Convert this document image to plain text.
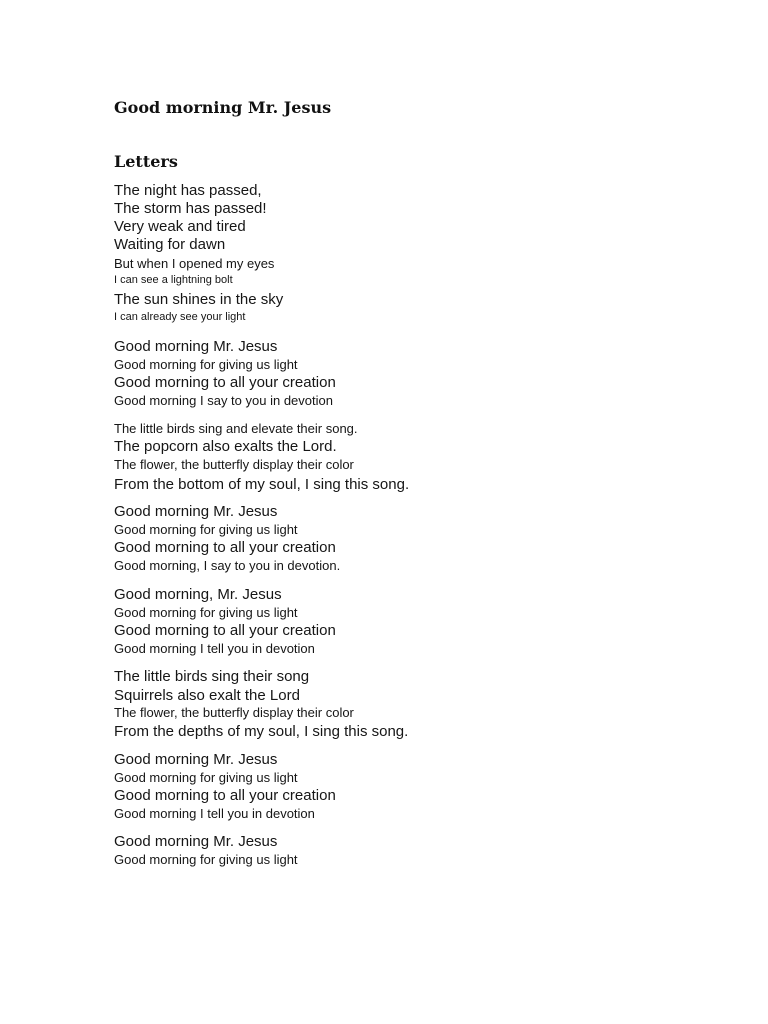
Good morning Mr. Jesus
Letters

The night has passed,

The storm has passed!

Very weak and tired

Waiting for dawn

But when I opened my eyes

I can see a lightning bolt

The sun shines in the sky

I can already see your light

Good morning Mr. Jesus

Good morning for giving us light

Good morning to all your creation

Good morning I say to you in devotion

The little birds sing and elevate their song.

The popcorn also exalts the Lord.

The flower, the butterfly display their color

From the bottom of my soul, I sing this song.

Good morning Mr. Jesus

Good morning for giving us light

Good morning to all your creation

Good morning, I say to you in devotion.

Good morning, Mr. Jesus

Good morning for giving us light

Good morning to all your creation

Good morning I tell you in devotion

The little birds sing their song

Squirrels also exalt the Lord

The flower, the butterfly display their color

From the depths of my soul, I sing this song.

Good morning Mr. Jesus

Good morning for giving us light

Good morning to all your creation

Good morning I tell you in devotion

Good morning Mr. Jesus

Good morning for giving us light
